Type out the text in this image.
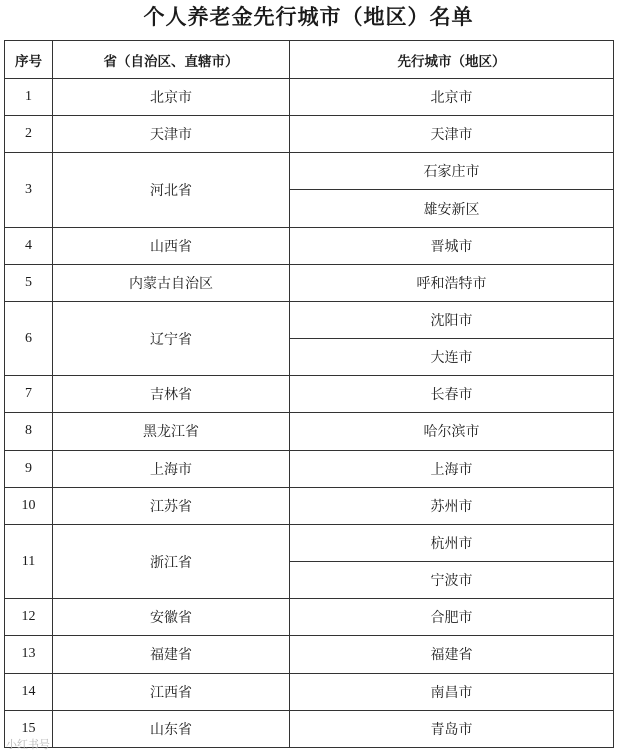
个人养老金先行城市（地区）名单
序号	省（自治区、直辖市）	先行城市（地区）
1	北京市	北京市
2	天津市	天津市
3	河北省	石家庄市
		雄安新区
4	山西省	晋城市
5	内蒙古自治区	呼和浩特市
6	辽宁省	沈阳市
		大连市
7	吉林省	长春市
8	黑龙江省	哈尔滨市
9	上海市	上海市
10	江苏省	苏州市
11	浙江省	杭州市
		宁波市
12	安徽省	合肥市
13	福建省	福建省
14	江西省	南昌市
15	山东省	青岛市
小红书号
